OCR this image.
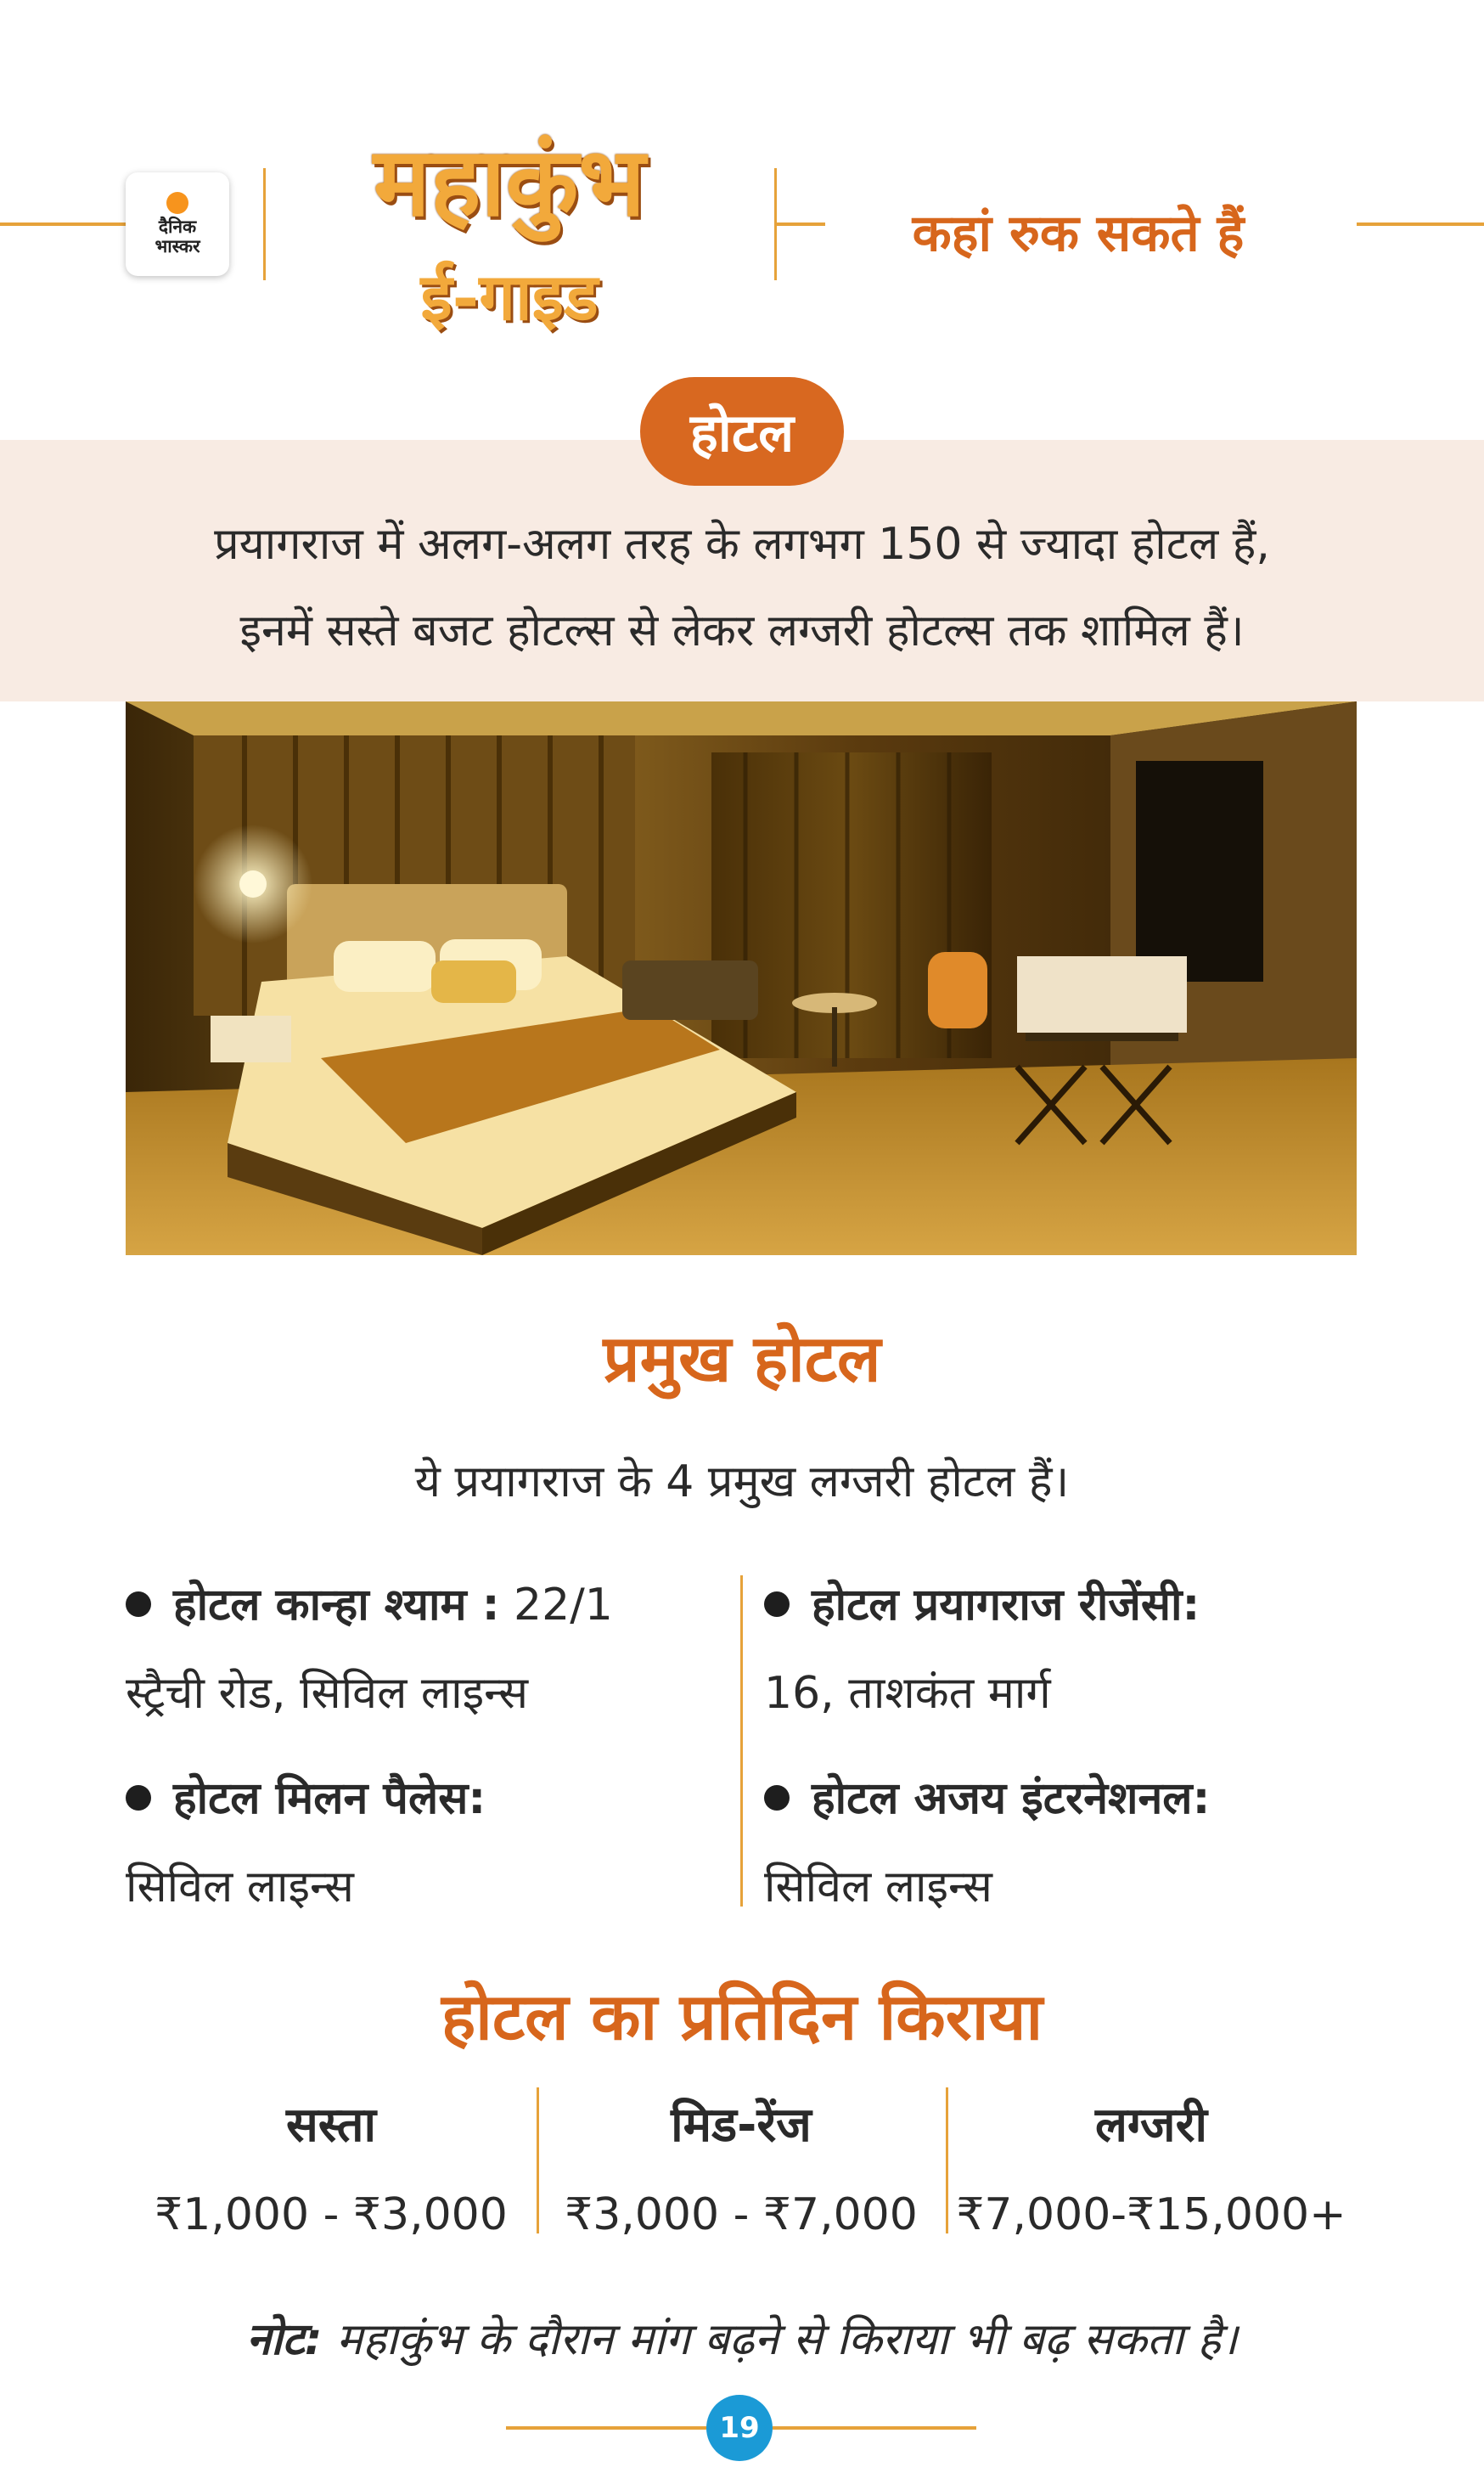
दैनिक
भास्कर
महाकुंभ
ई-गाइड
कहां रुक सकते हैं
होटल
प्रयागराज में अलग-अलग तरह के लगभग 150 से ज्यादा होटल हैं,
इनमें सस्ते बजट होटल्स से लेकर लग्जरी होटल्स तक शामिल हैं।
प्रमुख होटल
ये प्रयागराज के 4 प्रमुख लग्जरी होटल हैं।
होटल कान्हा श्याम : 22/1
स्ट्रैची रोड, सिविल लाइन्स
होटल प्रयागराज रीजेंसी:
16, ताशकंत मार्ग
होटल मिलन पैलेस:
सिविल लाइन्स
होटल अजय इंटरनेशनल:
सिविल लाइन्स
होटल का प्रतिदिन किराया
सस्ता
₹1,000 - ₹3,000
मिड-रेंज
₹3,000 - ₹7,000
लग्जरी
₹7,000-₹15,000+
नोट: महाकुंभ के दौरान मांग बढ़ने से किराया भी बढ़ सकता है।
19
